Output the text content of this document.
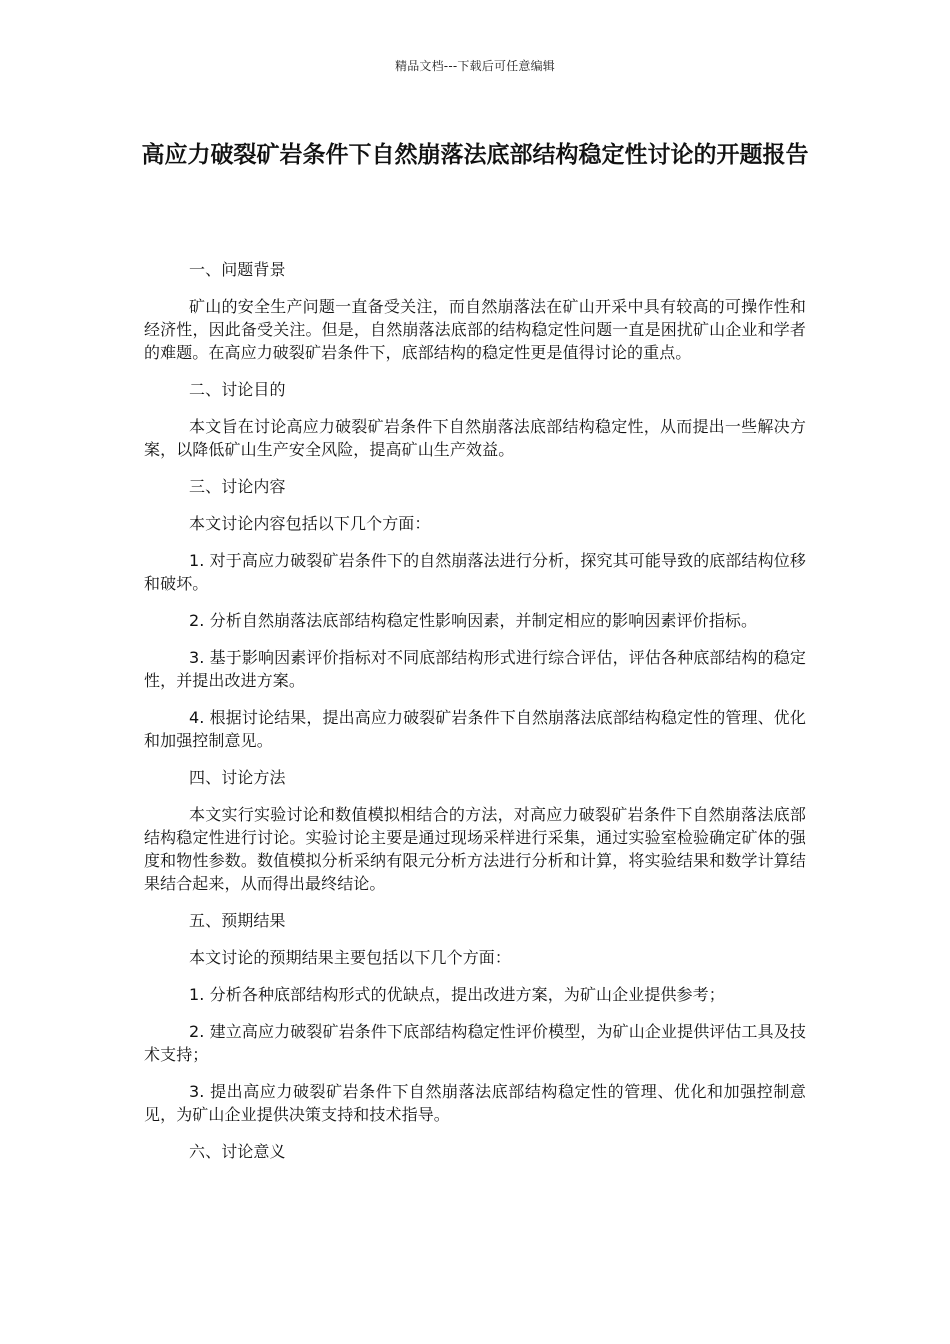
精品文档---下载后可任意编辑
高应力破裂矿岩条件下自然崩落法底部结构稳定性讨论的开题报告

一、问题背景

矿山的安全生产问题一直备受关注，而自然崩落法在矿山开采中具有较高的可操作性和经济性，因此备受关注。但是，自然崩落法底部的结构稳定性问题一直是困扰矿山企业和学者的难题。在高应力破裂矿岩条件下，底部结构的稳定性更是值得讨论的重点。

二、讨论目的

本文旨在讨论高应力破裂矿岩条件下自然崩落法底部结构稳定性，从而提出一些解决方案，以降低矿山生产安全风险，提高矿山生产效益。

三、讨论内容

本文讨论内容包括以下几个方面：

1. 对于高应力破裂矿岩条件下的自然崩落法进行分析，探究其可能导致的底部结构位移和破坏。

2. 分析自然崩落法底部结构稳定性影响因素，并制定相应的影响因素评价指标。

3. 基于影响因素评价指标对不同底部结构形式进行综合评估，评估各种底部结构的稳定性，并提出改进方案。

4. 根据讨论结果，提出高应力破裂矿岩条件下自然崩落法底部结构稳定性的管理、优化和加强控制意见。

四、讨论方法

本文实行实验讨论和数值模拟相结合的方法，对高应力破裂矿岩条件下自然崩落法底部结构稳定性进行讨论。实验讨论主要是通过现场采样进行采集，通过实验室检验确定矿体的强度和物性参数。数值模拟分析采纳有限元分析方法进行分析和计算，将实验结果和数学计算结果结合起来，从而得出最终结论。

五、预期结果

本文讨论的预期结果主要包括以下几个方面：

1. 分析各种底部结构形式的优缺点，提出改进方案，为矿山企业提供参考；

2. 建立高应力破裂矿岩条件下底部结构稳定性评价模型，为矿山企业提供评估工具及技术支持；

3. 提出高应力破裂矿岩条件下自然崩落法底部结构稳定性的管理、优化和加强控制意见，为矿山企业提供决策支持和技术指导。

六、讨论意义
